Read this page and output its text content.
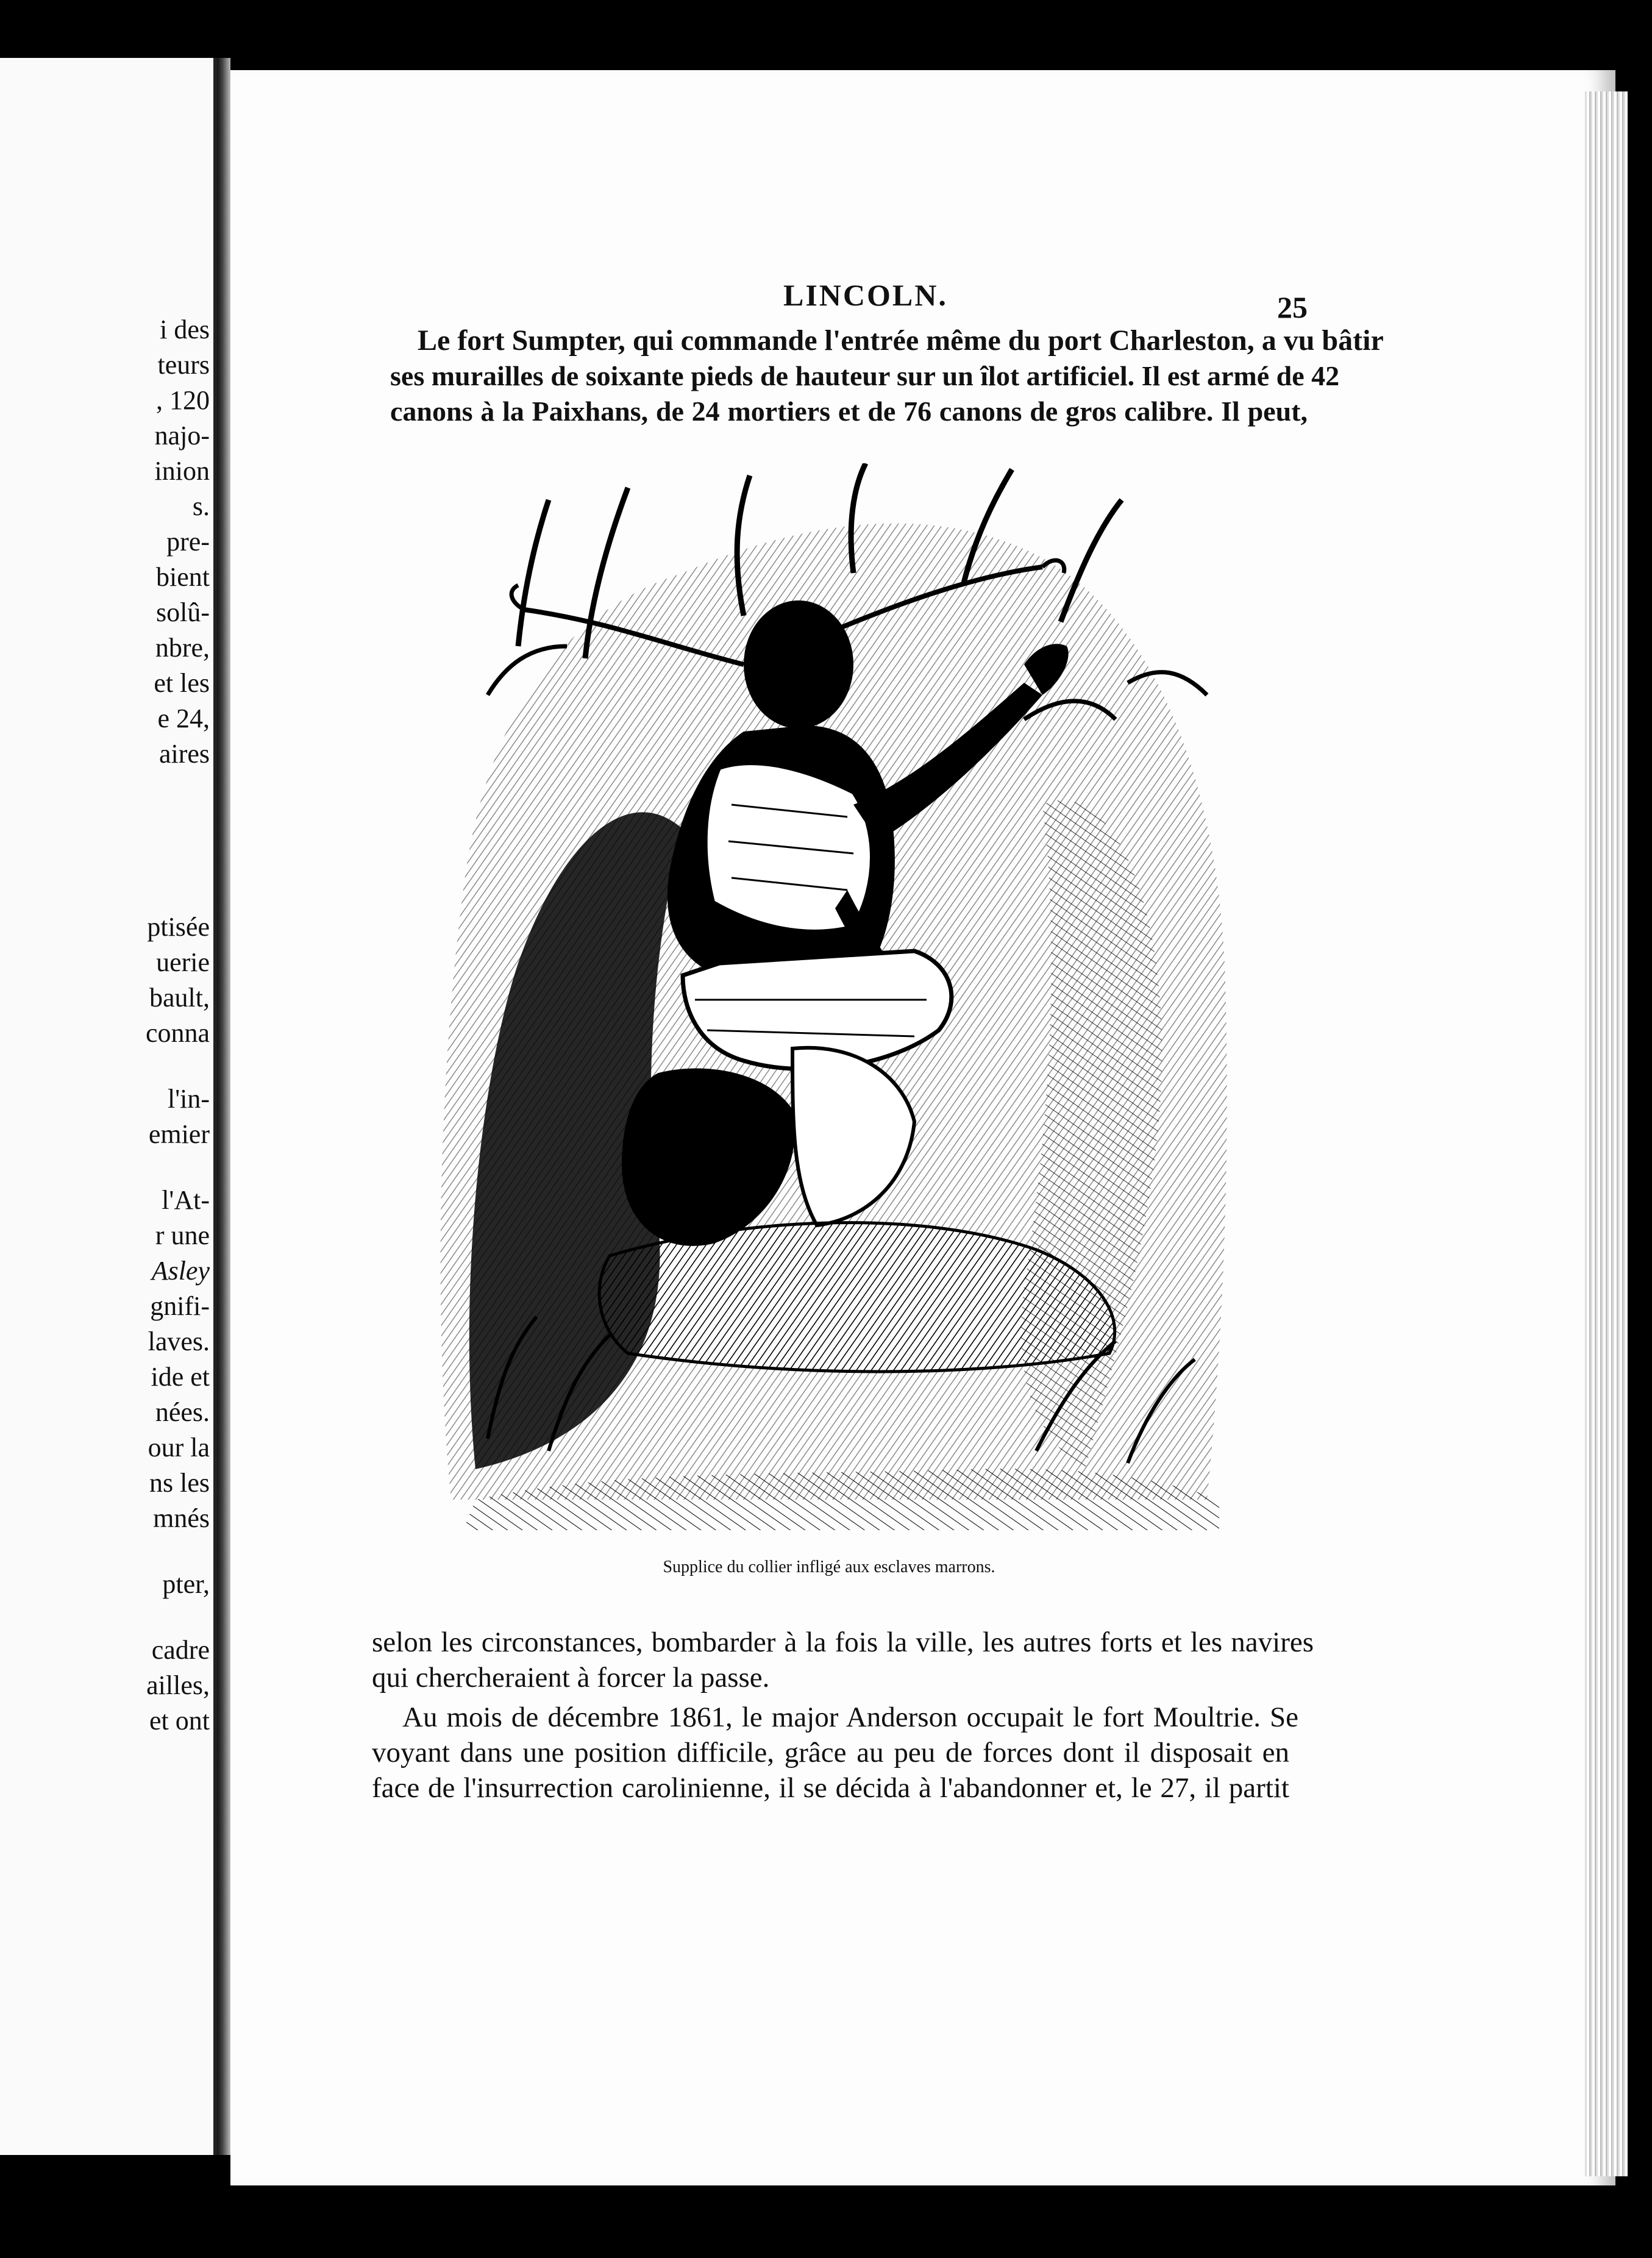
i des
teurs
, 120
najo-
inion
s.
pre-
bient
solû-
nbre,
et les
e 24,
aires
ptisée
uerie
bault,
conna
l'in-
emier
l'At-
r une
Asley
gnifi-
laves.
ide et
nées.
our la
ns les
mnés
pter,
cadre
ailles,
et ont
LINCOLN.	25
Le fort Sumpter, qui commande l'entrée même du port Charleston, a vu bâtir
ses murailles de soixante pieds de hauteur sur un îlot artificiel. Il est armé de 42
canons à la Paixhans, de 24 mortiers et de 76 canons de gros calibre. Il peut,
Supplice du collier infligé aux esclaves marrons.
selon les circonstances, bombarder à la fois la ville, les autres forts et les navires
qui chercheraient à forcer la passe.
Au mois de décembre 1861, le major Anderson occupait le fort Moultrie. Se
voyant dans une position difficile, grâce au peu de forces dont il disposait en
face de l'insurrection carolinienne, il se décida à l'abandonner et, le 27, il partit
